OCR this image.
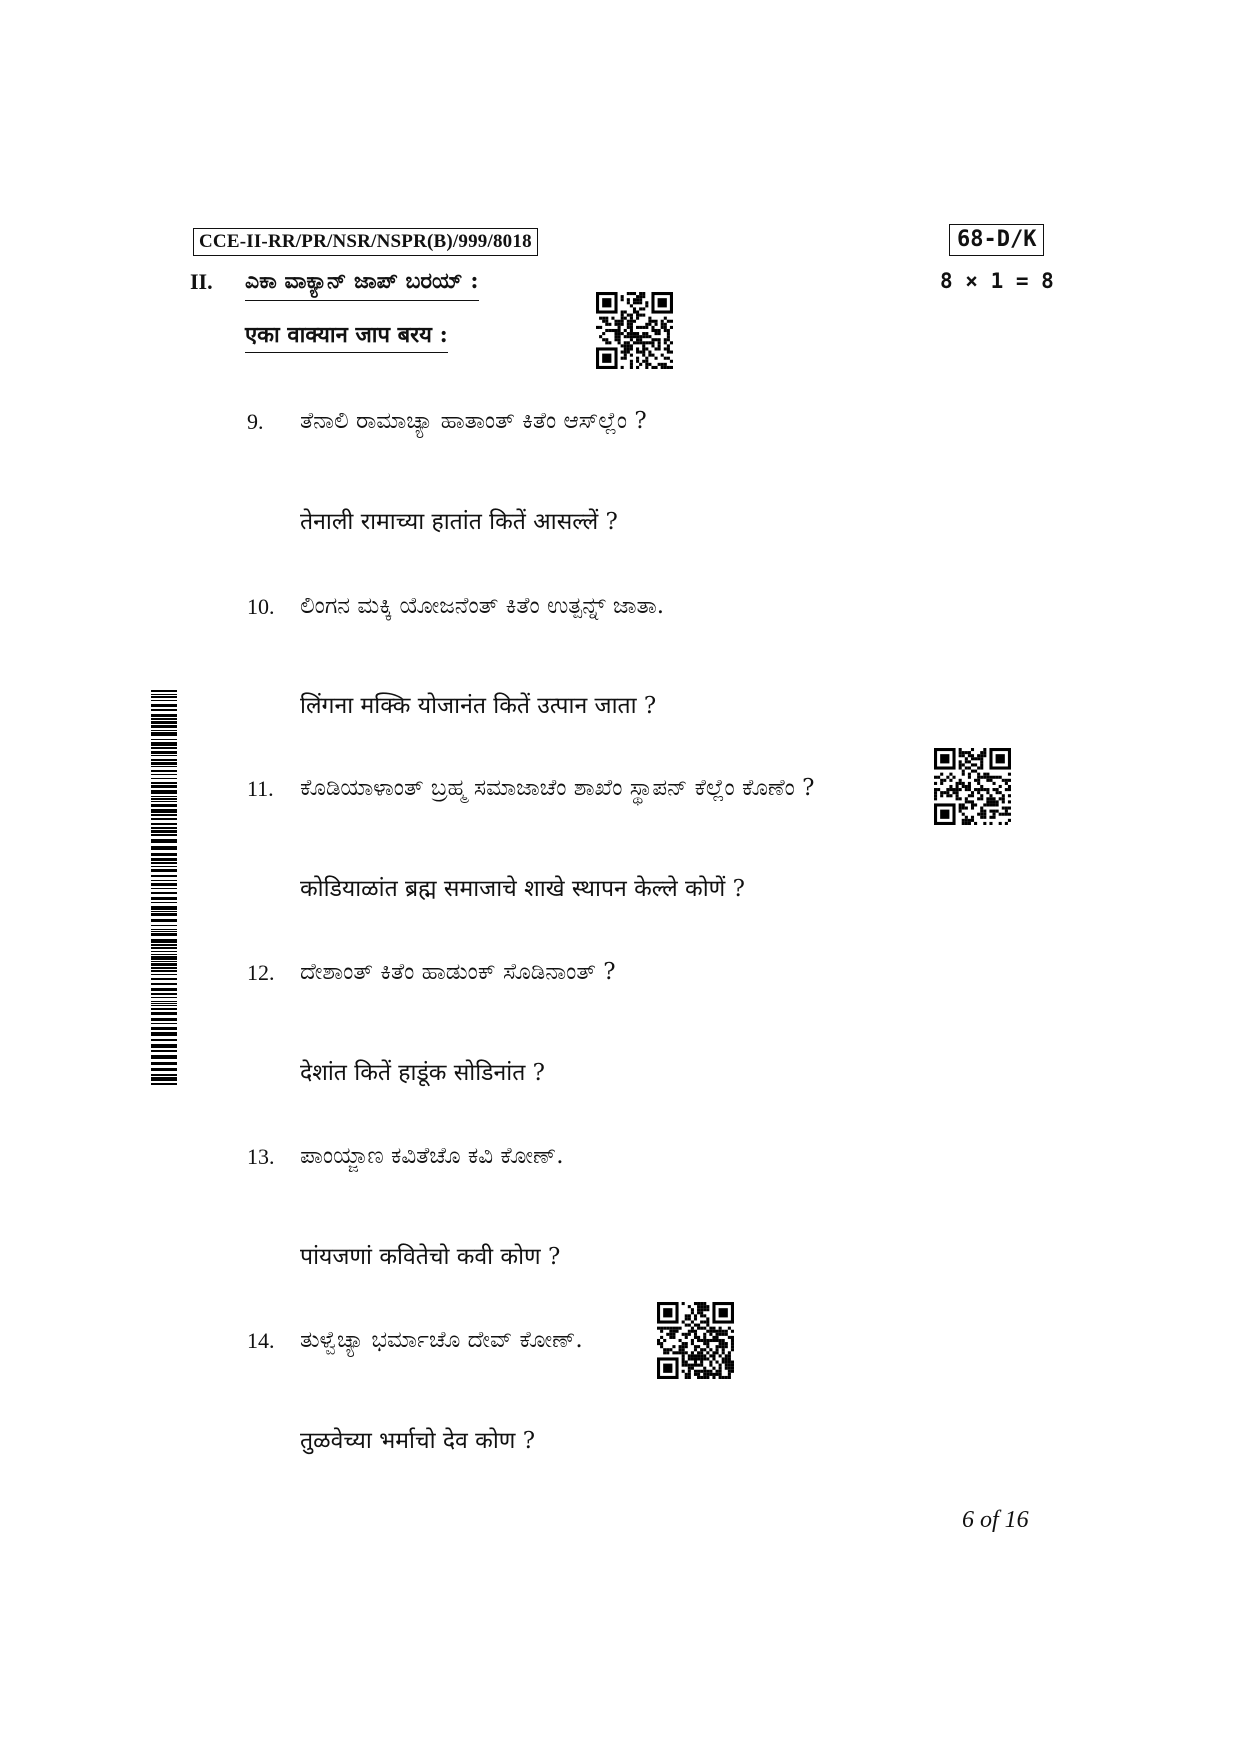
CCE-II-RR/PR/NSR/NSPR(B)/999/8018	68-D/K
II.	8 × 1 = 8
ಎಕಾ ವಾಕ್ಯಾನ್ ಜಾಪ್ ಬರಯ್ :
एका वाक्यान जाप बरय :
9. ತೆನಾಲಿ ರಾಮಾಚ್ಯಾ ಹಾತಾಂತ್ ಕಿತೆಂ ಆಸ್‌ಲ್ಲೆಂ ?
तेनाली रामाच्या हातांत कितें आसल्लें ?
10. ಲಿಂಗನ ಮಕ್ಕಿ ಯೋಜನೆಂತ್ ಕಿತೆಂ ಉತ್ಪನ್ನ್ ಜಾತಾ.
लिंगना मक्कि योजानंत कितें उत्पान जाता ?
11. ಕೊಡಿಯಾಳಾಂತ್ ಬ್ರಹ್ಮ ಸಮಾಜಾಚೆಂ ಶಾಖೆಂ ಸ್ಥಾಪನ್ ಕೆಲ್ಲೆಂ ಕೊಣೆಂ ?
कोडियाळांत ब्रह्म समाजाचे शाखे स्थापन केल्ले कोणें ?
12. ದೇಶಾಂತ್ ಕಿತೆಂ ಹಾಡುಂಕ್ ಸೊಡಿನಾಂತ್ ?
देशांत कितें हाडूंक सोडिनांत ?
13. ಪಾಂಯ್ಜಾಣ ಕವಿತೆಚೊ ಕವಿ ಕೋಣ್.
पांयजणां कवितेचो कवी कोण ?
14. ತುಳ್ವೆಚ್ಯಾ ಭರ್ಮಾಚೊ ದೇವ್ ಕೋಣ್.
तुळवेच्या भर्माचो देव कोण ?
6 of 16
